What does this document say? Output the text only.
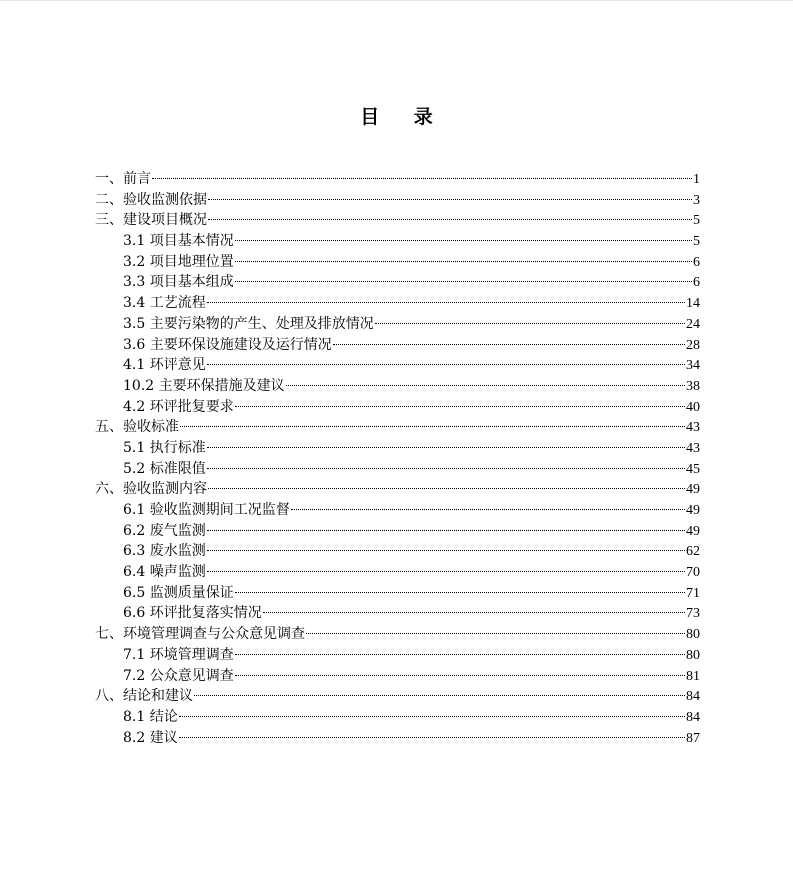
目 录
一、前言	1
二、验收监测依据	3
三、建设项目概况	5
3.1 项目基本情况	5
3.2 项目地理位置	6
3.3 项目基本组成	6
3.4 工艺流程	14
3.5 主要污染物的产生、处理及排放情况	24
3.6 主要环保设施建设及运行情况	28
4.1 环评意见	34
10.2 主要环保措施及建议	38
4.2 环评批复要求	40
五、验收标准	43
5.1 执行标准	43
5.2 标准限值	45
六、验收监测内容	49
6.1 验收监测期间工况监督	49
6.2 废气监测	49
6.3 废水监测	62
6.4 噪声监测	70
6.5 监测质量保证	71
6.6 环评批复落实情况	73
七、环境管理调查与公众意见调查	80
7.1 环境管理调查	80
7.2 公众意见调查	81
八、结论和建议	84
8.1 结论	84
8.2 建议	87
